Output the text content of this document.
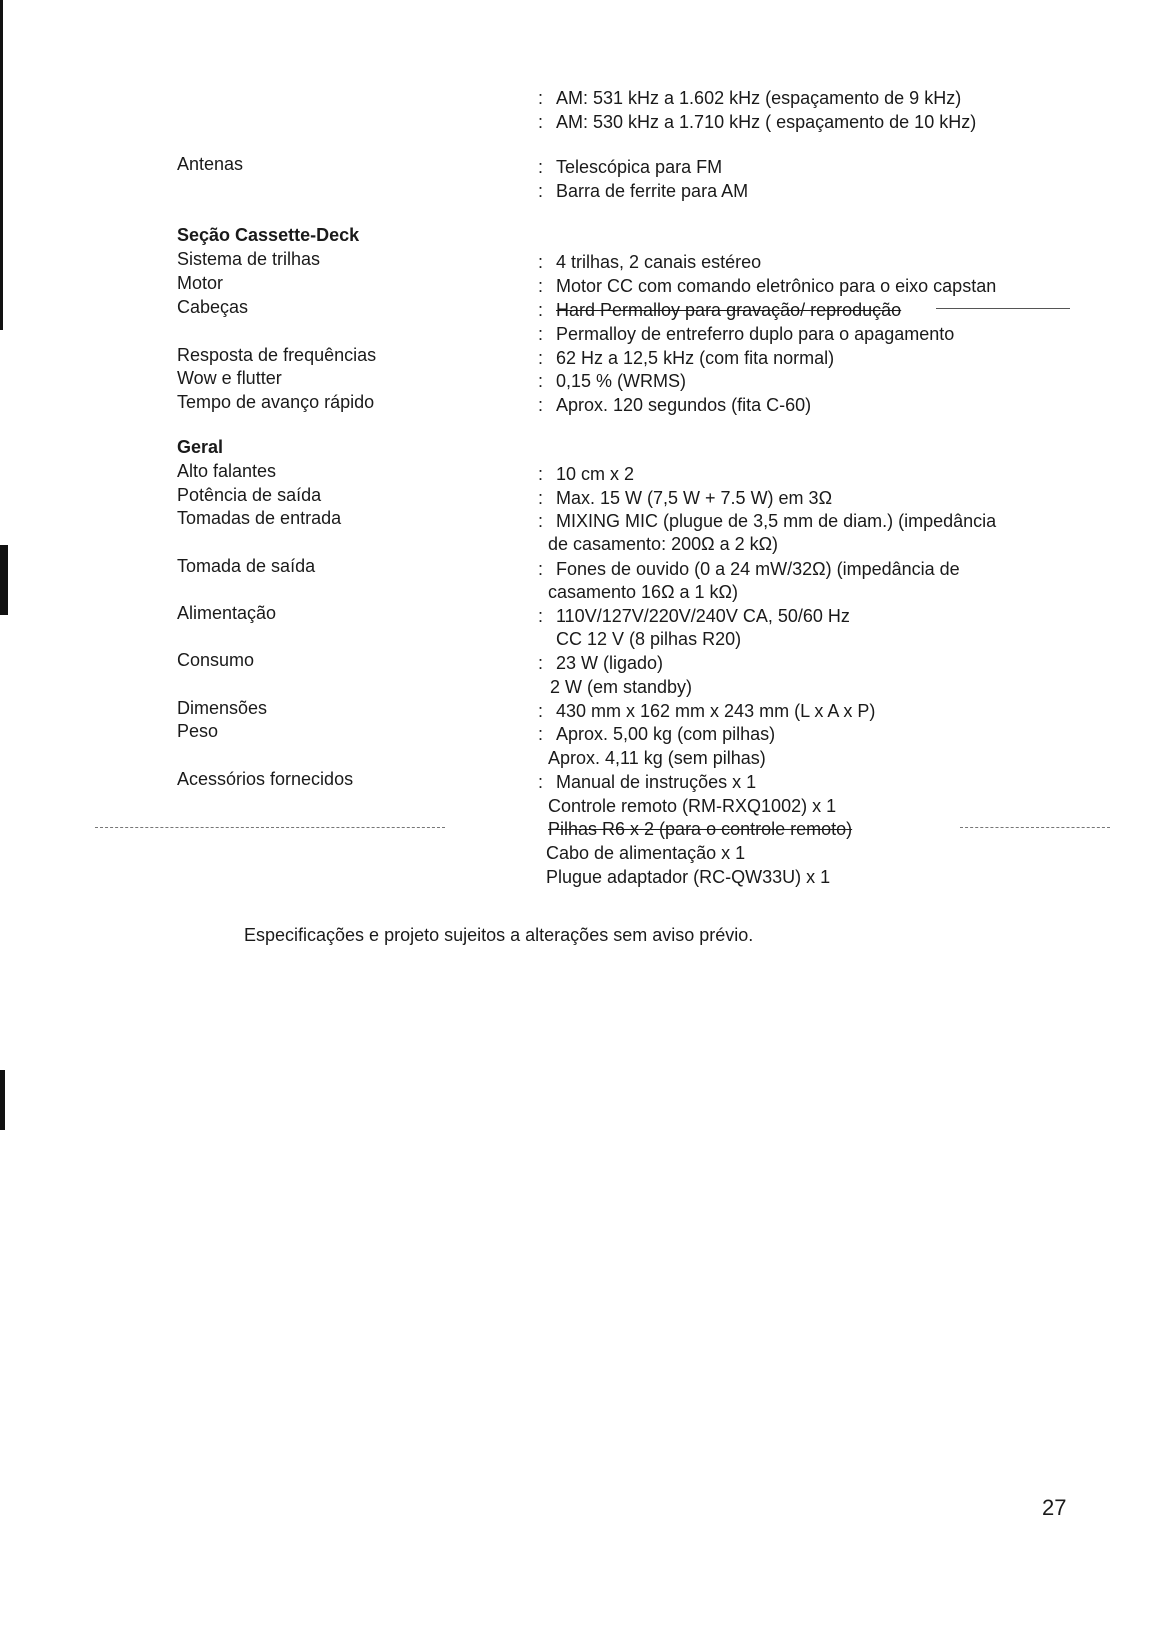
: AM: 531 kHz a 1.602 kHz (espaçamento de 9 kHz)
: AM: 530 kHz a 1.710 kHz ( espaçamento de 10 kHz)
Antenas	: Telescópica para FM
: Barra de ferrite para AM
Seção Cassette-Deck
Sistema de trilhas	: 4 trilhas, 2 canais estéreo
Motor	: Motor CC com comando eletrônico para o eixo capstan
Cabeças	: Hard Permalloy para gravação/ reprodução
: Permalloy de entreferro duplo para o apagamento
Resposta de frequências	: 62 Hz a 12,5 kHz (com fita normal)
Wow e flutter	: 0,15 % (WRMS)
Tempo de avanço rápido	: Aprox. 120 segundos (fita C-60)
Geral
Alto falantes	: 10 cm x 2
Potência de saída	: Max. 15 W (7,5 W + 7.5 W) em 3Ω
Tomadas de entrada	: MIXING MIC (plugue de 3,5 mm de diam.) (impedância
de casamento: 200Ω a 2 kΩ)
Tomada de saída	: Fones de ouvido (0 a 24 mW/32Ω) (impedância de
casamento 16Ω a 1 kΩ)
Alimentação	: 110V/127V/220V/240V CA, 50/60 Hz
CC 12 V (8 pilhas R20)
Consumo	: 23 W (ligado)
2 W (em standby)
Dimensões	: 430 mm x 162 mm x 243 mm (L x A x P)
Peso	: Aprox. 5,00 kg (com pilhas)
Aprox. 4,11 kg (sem pilhas)
Acessórios fornecidos	: Manual de instruções x 1
Controle remoto (RM-RXQ1002) x 1
Pilhas R6 x 2 (para o controle remoto)
Cabo de alimentação x 1
Plugue adaptador (RC-QW33U) x 1
Especificações e projeto sujeitos a alterações sem aviso prévio.
27
